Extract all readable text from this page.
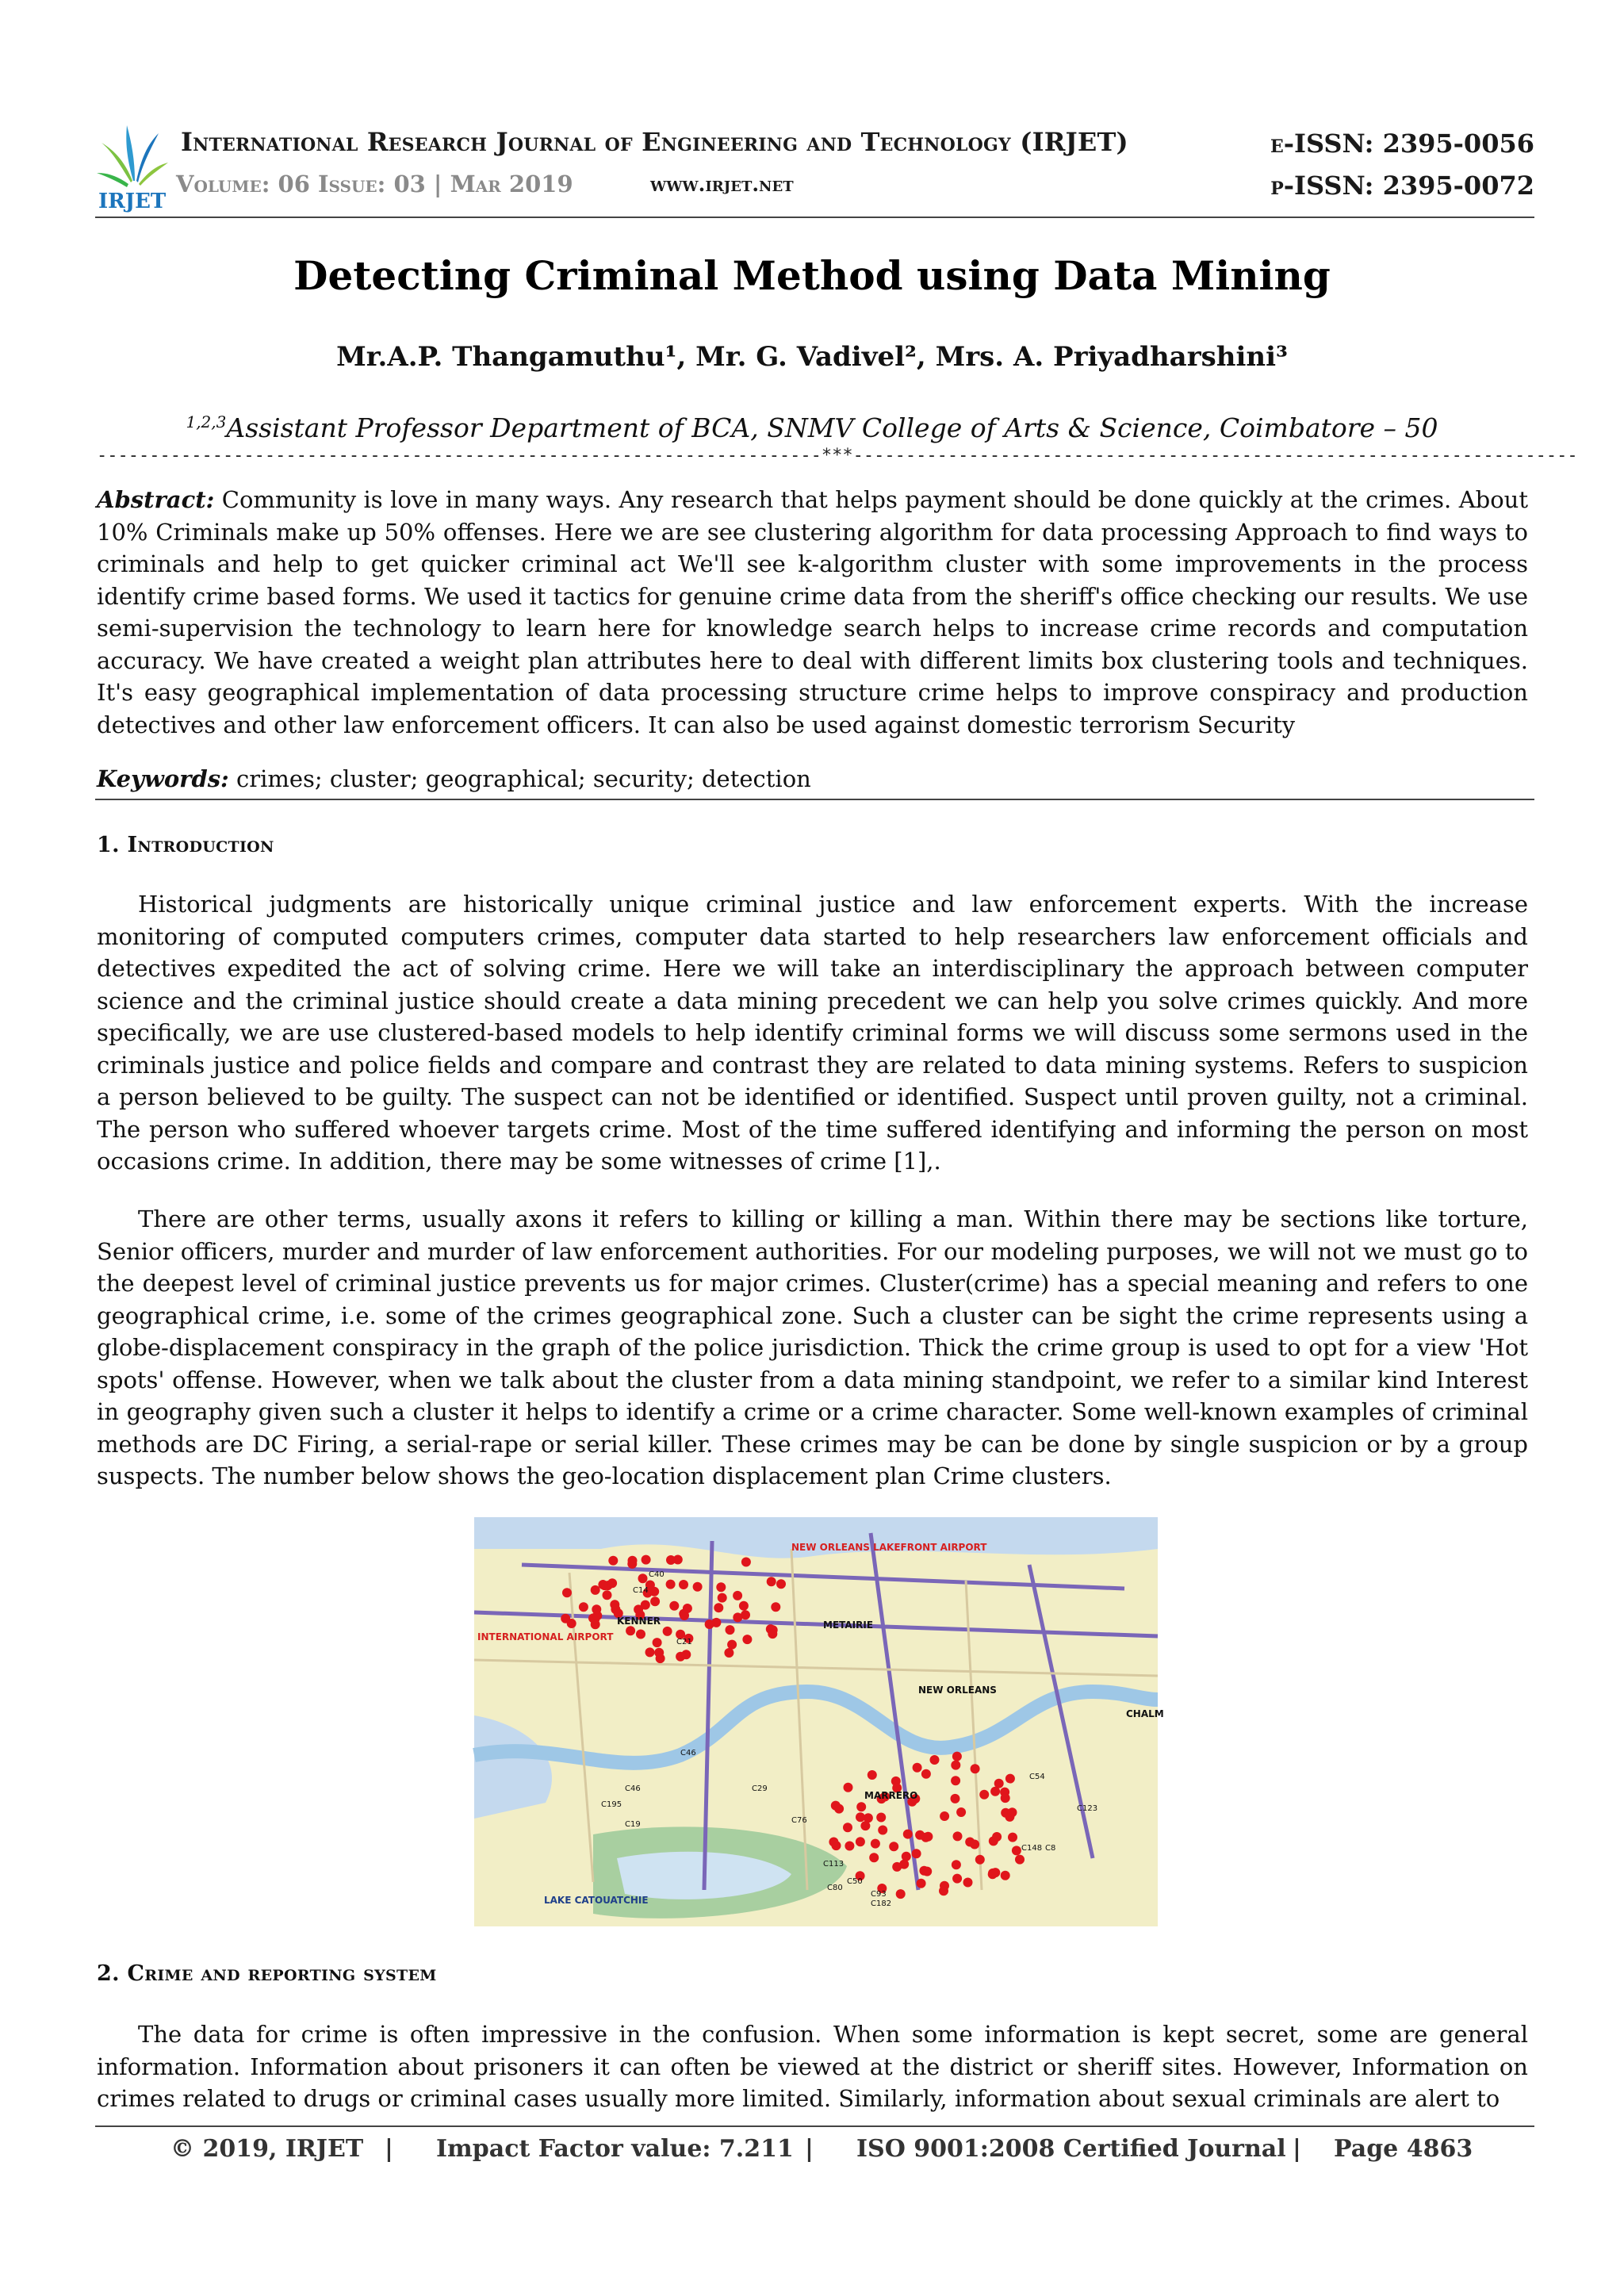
IRJET
International Research Journal of Engineering and Technology (IRJET)	e-ISSN: 2395-0056
Volume: 06 Issue: 03 | Mar 2019	www.irjet.net	p-ISSN: 2395-0072
Detecting Criminal Method using Data Mining
Mr.A.P. Thangamuthu¹, Mr. G. Vadivel², Mrs. A. Priyadharshini³
$^{1,2,3}$Assistant Professor Department of BCA, SNMV College of Arts & Science, Coimbatore – 50
---------------------------------------------------------------------***---------------------------------------------------------------------
Abstract: Community is love in many ways. Any research that helps payment should be done quickly at the crimes. About 10% Criminals make up 50% offenses. Here we are see clustering algorithm for data processing Approach to find ways to criminals and help to get quicker criminal act We'll see k-algorithm cluster with some improvements in the process identify crime based forms. We used it tactics for genuine crime data from the sheriff's office checking our results. We use semi-supervision the technology to learn here for knowledge search helps to increase crime records and computation accuracy. We have created a weight plan attributes here to deal with different limits box clustering tools and techniques. It's easy geographical implementation of data processing structure crime helps to improve conspiracy and production detectives and other law enforcement officers. It can also be used against domestic terrorism Security
Keywords: crimes; cluster; geographical; security; detection
1. Introduction
Historical judgments are historically unique criminal justice and law enforcement experts. With the increase monitoring of computed computers crimes, computer data started to help researchers law enforcement officials and detectives expedited the act of solving crime. Here we will take an interdisciplinary the approach between computer science and the criminal justice should create a data mining precedent we can help you solve crimes quickly. And more specifically, we are use clustered-based models to help identify criminal forms we will discuss some sermons used in the criminals justice and police fields and compare and contrast they are related to data mining systems. Refers to suspicion a person believed to be guilty. The suspect can not be identified or identified. Suspect until proven guilty, not a criminal. The person who suffered whoever targets crime. Most of the time suffered identifying and informing the person on most occasions crime. In addition, there may be some witnesses of crime [1],.
There are other terms, usually axons it refers to killing or killing a man. Within there may be sections like torture, Senior officers, murder and murder of law enforcement authorities. For our modeling purposes, we will not we must go to the deepest level of criminal justice prevents us for major crimes. Cluster(crime) has a special meaning and refers to one geographical crime, i.e. some of the crimes geographical zone. Such a cluster can be sight the crime represents using a globe-displacement conspiracy in the graph of the police jurisdiction. Thick the crime group is used to opt for a view 'Hot spots' offense. However, when we talk about the cluster from a data mining standpoint, we refer to a similar kind Interest in geography given such a cluster it helps to identify a crime or a crime character. Some well-known examples of criminal methods are DC Firing, a serial-rape or serial killer. These crimes may be can be done by single suspicion or by a group suspects. The number below shows the geo-location displacement plan Crime clusters.
NEW ORLEANS LAKEFRONT AIRPORT
METAIRIE
NEW ORLEANS
KENNER
INTERNATIONAL AIRPORT
LAKE CATOUATCHIE
MARRERO
CHALM
C40
C14
C21
C19
C46
C195
C29
C76
C113
C80
C50
C93
C182
C148 C8
C123
C54
C46
2. Crime and reporting system
The data for crime is often impressive in the confusion. When some information is kept secret, some are general information. Information about prisoners it can often be viewed at the district or sheriff sites. However, Information on crimes related to drugs or criminal cases usually more limited. Similarly, information about sexual criminals are alert to
© 2019, IRJET | Impact Factor value: 7.211 | ISO 9001:2008 Certified Journal | Page 4863
